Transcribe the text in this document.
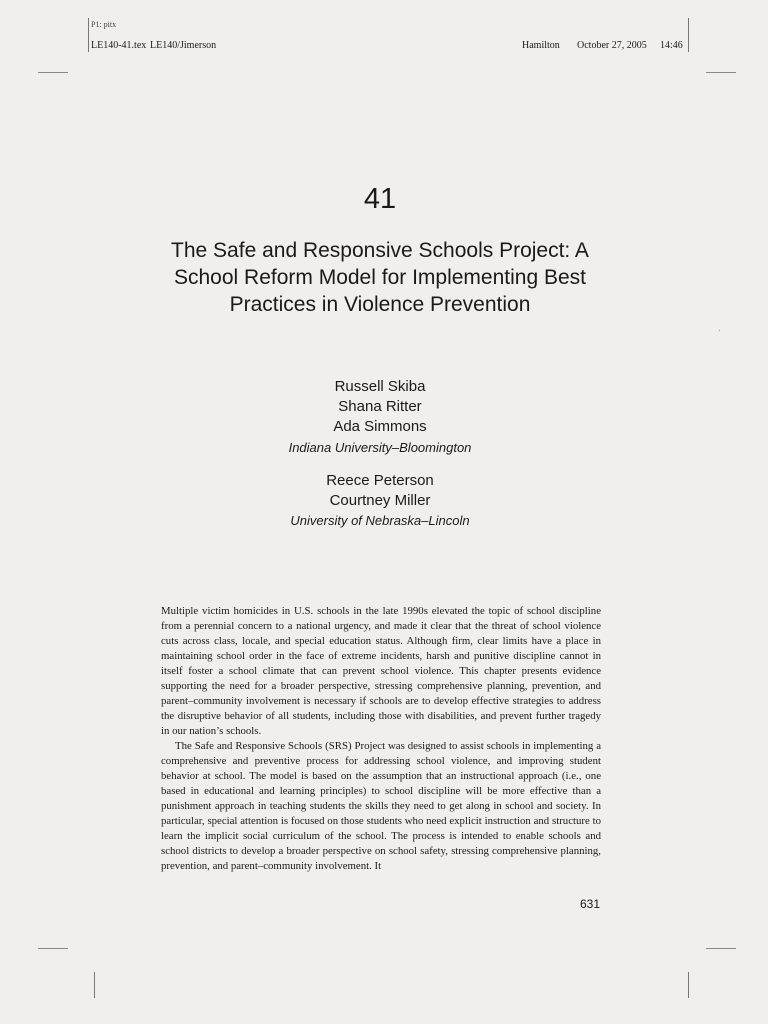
P1: pitx
LE140-41.tex LE140/Jimerson	Hamilton October 27, 2005 14:46
41
The Safe and Responsive Schools Project: A School Reform Model for Implementing Best Practices in Violence Prevention
Russell Skiba
Shana Ritter
Ada Simmons
Indiana University–Bloomington
Reece Peterson
Courtney Miller
University of Nebraska–Lincoln

Multiple victim homicides in U.S. schools in the late 1990s elevated the topic of school discipline from a perennial concern to a national urgency, and made it clear that the threat of school violence cuts across class, locale, and special education status. Although firm, clear limits have a place in maintaining school order in the face of extreme incidents, harsh and punitive discipline cannot in itself foster a school climate that can prevent school violence. This chapter presents evidence supporting the need for a broader perspective, stressing comprehensive planning, prevention, and parent–community involvement is necessary if schools are to develop effective strategies to address the disruptive behavior of all students, including those with disabilities, and prevent further tragedy in our nation’s schools.

The Safe and Responsive Schools (SRS) Project was designed to assist schools in implementing a comprehensive and preventive process for addressing school violence, and improving student behavior at school. The model is based on the assumption that an instructional approach (i.e., one based in educational and learning principles) to school discipline will be more effective than a punishment approach in teaching students the skills they need to get along in school and society. In particular, special attention is focused on those students who need explicit instruction and structure to learn the implicit social curriculum of the school. The process is intended to enable schools and school districts to develop a broader perspective on school safety, stressing comprehensive planning, prevention, and parent–community involvement. It

631
ˏ
